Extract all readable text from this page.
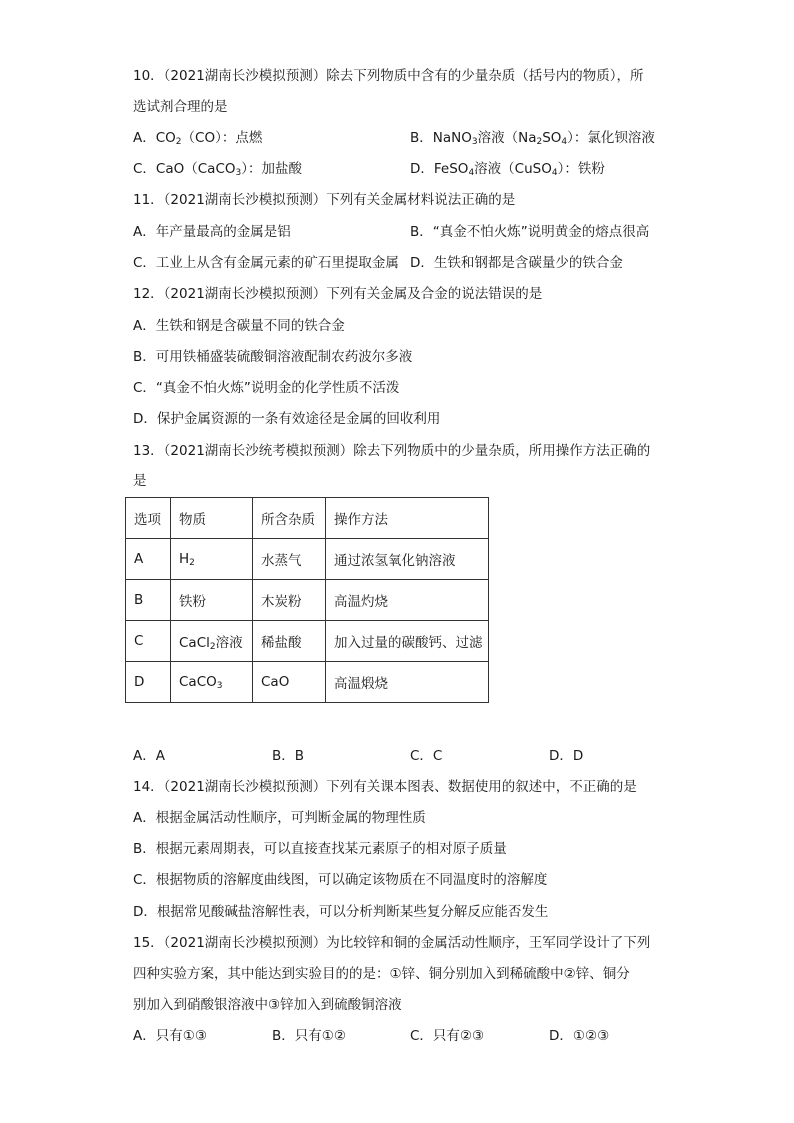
10．（2021湖南长沙模拟预测）除去下列物质中含有的少量杂质（括号内的物质），所
选试剂合理的是
A．$CO_2(CO)$：点燃	B．NaNO$_3$溶液$(Na_2SO_4)$：氯化钡溶液
C．CaO（CaCO$_3$）：加盐酸	D．FeSO$_4$溶液（CuSO$_4$）：铁粉
11．（2021湖南长沙模拟预测）下列有关金属材料说法正确的是
A．年产量最高的金属是铝	B．“真金不怕火炼”说明黄金的熔点很高
C．工业上从含有金属元素的矿石里提取金属 D．生铁和钢都是含碳量少的铁合金
12．（2021湖南长沙模拟预测）下列有关金属及合金的说法错误的是
A．生铁和钢是含碳量不同的铁合金
B．可用铁桶盛装硫酸铜溶液配制农药波尔多液
C．“真金不怕火炼”说明金的化学性质不活泼
D．保护金属资源的一条有效途径是金属的回收利用
13．（2021湖南长沙统考模拟预测）除去下列物质中的少量杂质，所用操作方法正确的
是
选项	物质	所含杂质	操作方法
A	$H_2$	水蒸气	通过浓氢氧化钠溶液
B	铁粉	木炭粉	高温灼烧
C	CaCl$_2$溶液	稀盐酸	加入过量的碳酸钙、过滤
D	CaCO$_3$	CaO	高温煅烧
A．A	B．B	C．C	D．D
14．（2021湖南长沙模拟预测）下列有关课本图表、数据使用的叙述中，不正确的是
A．根据金属活动性顺序，可判断金属的物理性质
B．根据元素周期表，可以直接查找某元素原子的相对原子质量
C．根据物质的溶解度曲线图，可以确定该物质在不同温度时的溶解度
D．根据常见酸碱盐溶解性表，可以分析判断某些复分解反应能否发生
15．（2021湖南长沙模拟预测）为比较锌和铜的金属活动性顺序，王军同学设计了下列
四种实验方案，其中能达到实验目的的是：①锌、铜分别加入到稀硫酸中②锌、铜分
别加入到硝酸银溶液中③锌加入到硫酸铜溶液
A．只有①③	B．只有①②	C．只有②③	D．①②③
